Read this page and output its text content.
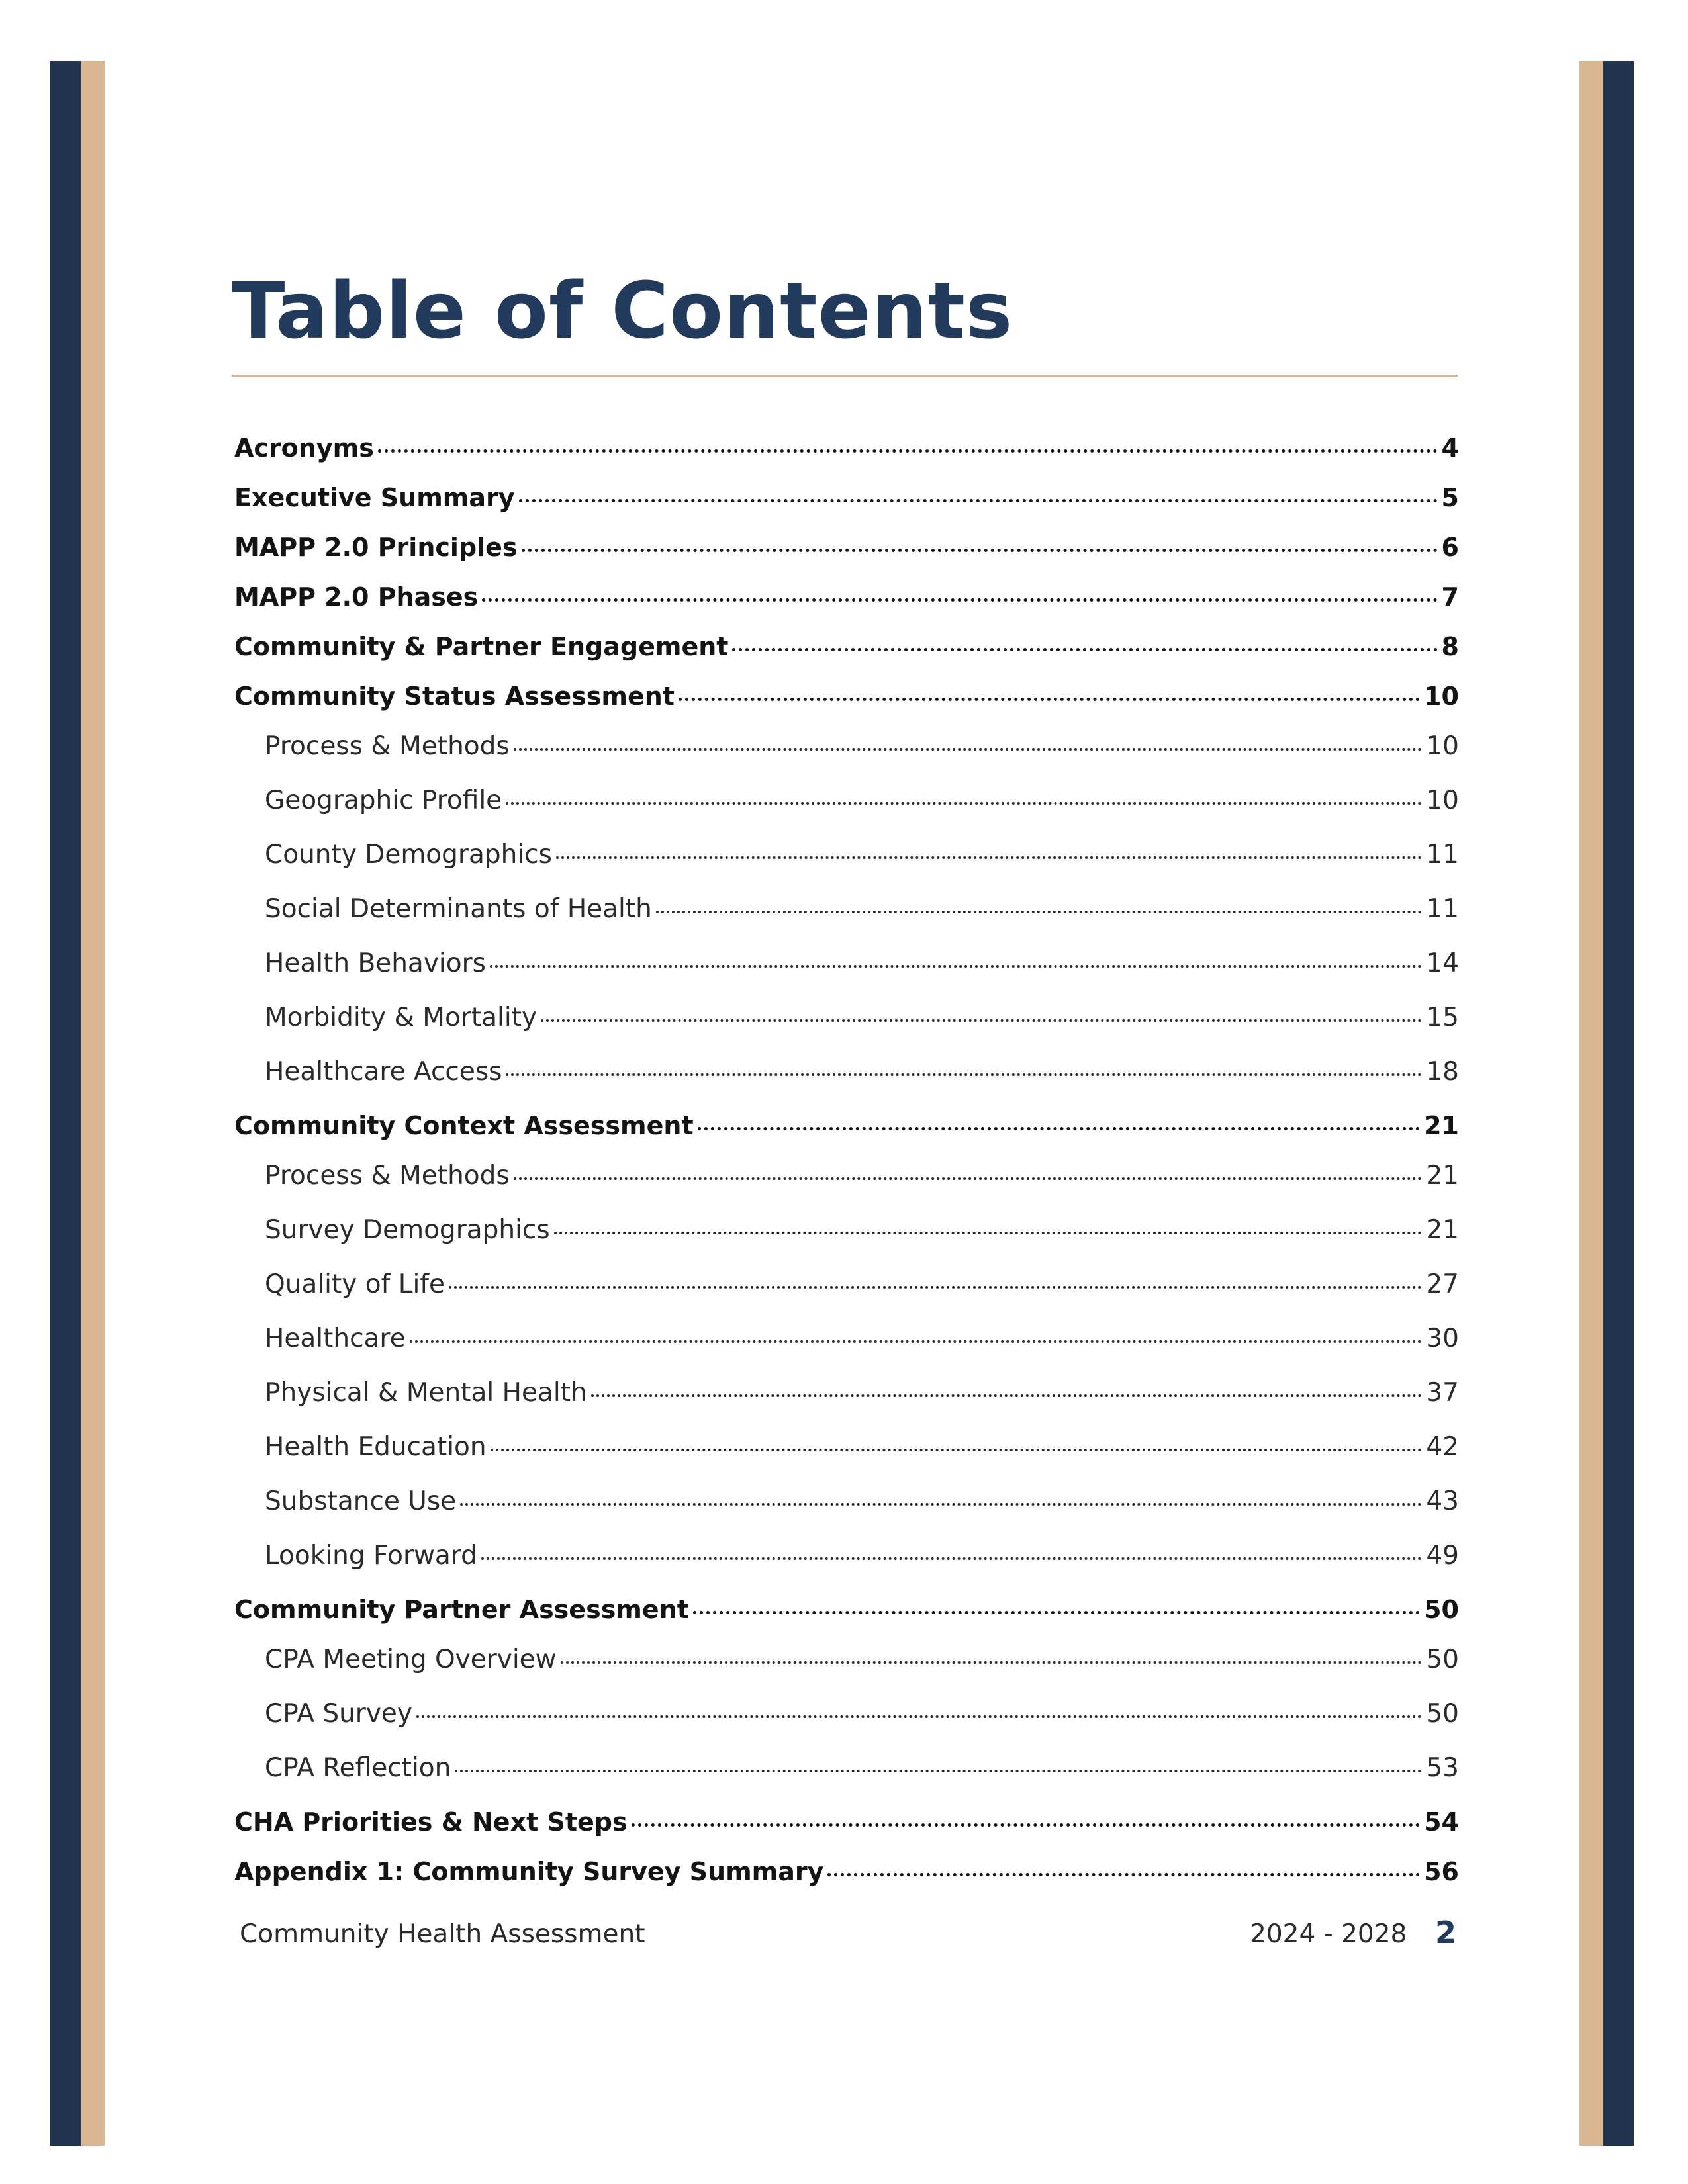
Table of Contents
Acronyms	4
Executive Summary	5
MAPP 2.0 Principles	6
MAPP 2.0 Phases	7
Community & Partner Engagement	8
Community Status Assessment	10
Process & Methods	10
Geographic Profile	10
County Demographics	11
Social Determinants of Health	11
Health Behaviors	14
Morbidity & Mortality	15
Healthcare Access	18
Community Context Assessment	21
Process & Methods	21
Survey Demographics	21
Quality of Life	27
Healthcare	30
Physical & Mental Health	37
Health Education	42
Substance Use	43
Looking Forward	49
Community Partner Assessment	50
CPA Meeting Overview	50
CPA Survey	50
CPA Reflection	53
CHA Priorities & Next Steps	54
Appendix 1: Community Survey Summary	56
Community Health Assessment	2024 - 2028 2
